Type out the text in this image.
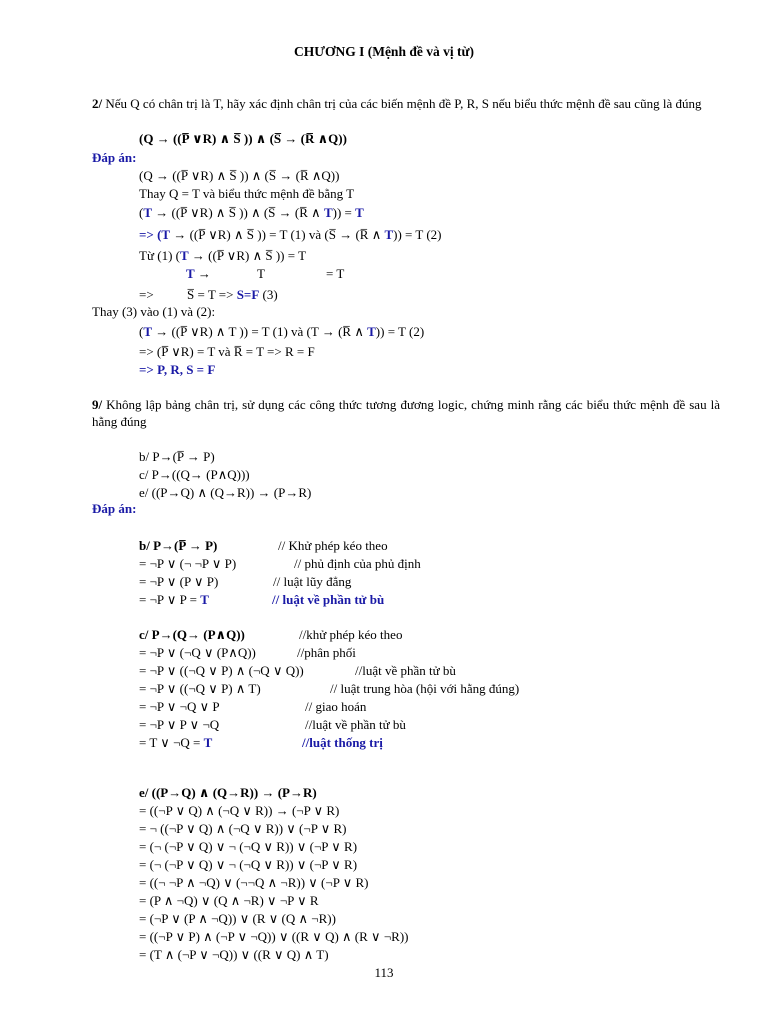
CHƯƠNG I (Mệnh đề và vị từ)
2/ Nếu Q có chân trị là T, hãy xác định chân trị của các biến mệnh đề P, R, S nếu biểu thức mệnh đề sau cũng là đúng
(Q → ((P̅ ∨R) ∧ S̅ )) ∧ (S̅ → (R̅ ∧Q))
Đáp án:
(Q → ((P̅ ∨R) ∧ S̅ )) ∧ (S̅ → (R̅ ∧Q))
Thay Q = T và biểu thức mệnh đề bằng T
(T → ((P̅ ∨R) ∧ S̅ )) ∧ (S̅ → (R̅ ∧ T)) = T
=> (T → ((P̅ ∨R) ∧ S̅ )) = T (1) và (S̅ → (R̅ ∧ T)) = T (2)
Từ (1) (T → ((P̅ ∨R) ∧ S̅ )) = T
T →	T	= T
=>	S̅ = T => S=F (3)
Thay (3) vào (1) và (2):
(T → ((P̅ ∨R) ∧ T )) = T (1) và (T → (R̅ ∧ T)) = T (2)
=> (P̅ ∨R) = T và R̅ = T => R = F
=> P, R, S = F
9/ Không lập bảng chân trị, sử dụng các công thức tương đương logic, chứng minh rằng các biểu thức mệnh đề sau là hằng đúng
b/ P→(P̅ → P)
c/ P→((Q→ (P∧Q)))
e/ ((P→Q) ∧ (Q→R)) → (P→R)
Đáp án:
b/ P→(P̅ → P)	// Khử phép kéo theo
= ¬P ∨ (¬ ¬P ∨ P)	// phủ định của phủ định
= ¬P ∨ (P ∨ P)	// luật lũy đẳng
= ¬P ∨ P = T	// luật về phần tử bù
c/ P→(Q→ (P∧Q))	//khử phép kéo theo
= ¬P ∨ (¬Q ∨ (P∧Q))	//phân phối
= ¬P ∨ ((¬Q ∨ P) ∧ (¬Q ∨ Q))	//luật về phần tử bù
= ¬P ∨ ((¬Q ∨ P) ∧ T)	// luật trung hòa (hội với hằng đúng)
= ¬P ∨ ¬Q ∨ P	// giao hoán
= ¬P ∨ P ∨ ¬Q	//luật về phần tử bù
= T ∨ ¬Q = T	//luật thống trị
e/ ((P→Q) ∧ (Q→R)) → (P→R)
= ((¬P ∨ Q) ∧ (¬Q ∨ R)) → (¬P ∨ R)
= ¬ ((¬P ∨ Q) ∧ (¬Q ∨ R)) ∨ (¬P ∨ R)
= (¬ (¬P ∨ Q) ∨ ¬ (¬Q ∨ R)) ∨ (¬P ∨ R)
= (¬ (¬P ∨ Q) ∨ ¬ (¬Q ∨ R)) ∨ (¬P ∨ R)
= ((¬ ¬P ∧ ¬Q) ∨ (¬¬Q ∧ ¬R)) ∨ (¬P ∨ R)
= (P ∧ ¬Q) ∨ (Q ∧ ¬R) ∨ ¬P ∨ R
= (¬P ∨ (P ∧ ¬Q)) ∨ (R ∨ (Q ∧ ¬R))
= ((¬P ∨ P) ∧ (¬P ∨ ¬Q)) ∨ ((R ∨ Q) ∧ (R ∨ ¬R))
= (T ∧ (¬P ∨ ¬Q)) ∨ ((R ∨ Q) ∧ T)
113
